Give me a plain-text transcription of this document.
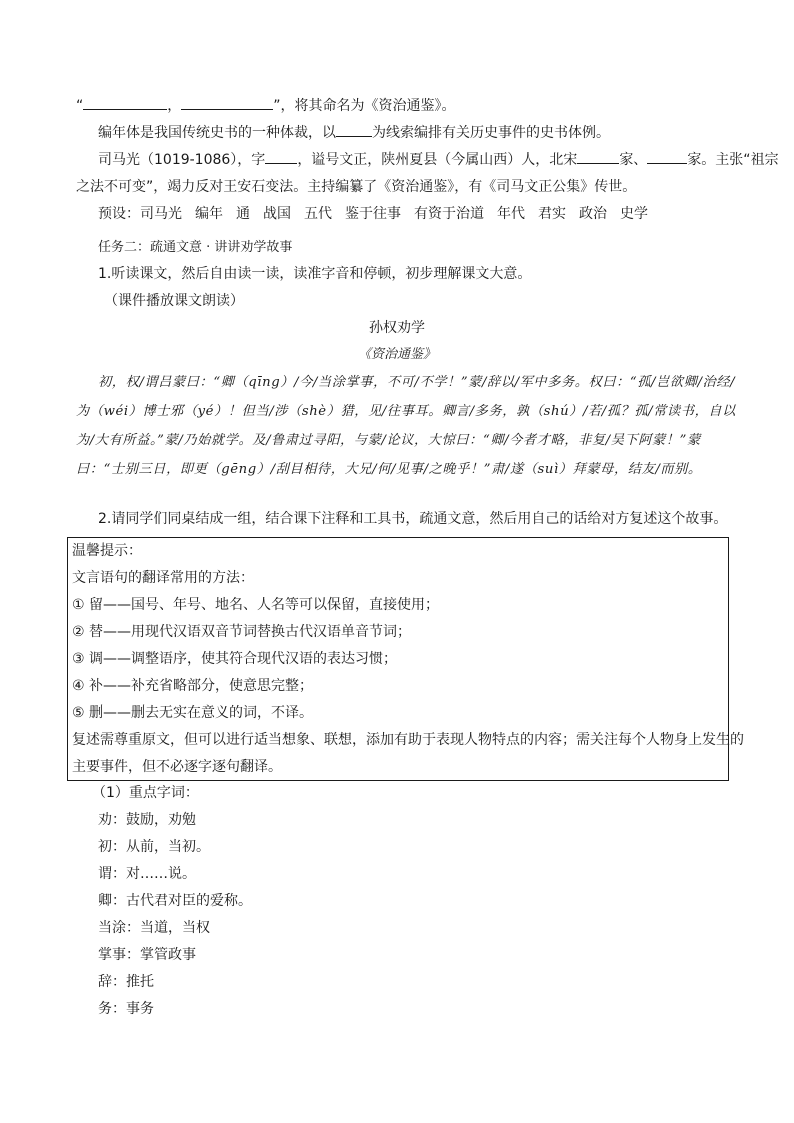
“	，	”，将其命名为《资治通鉴》。
编年体是我国传统史书的一种体裁，以	为线索编排有关历史事件的史书体例。
司马光（1019-1086），字 ，谥号文正，陕州夏县（今属山西）人，北宋	家、	家。主张“祖宗
之法不可变”，竭力反对王安石变法。主持编纂了《资治通鉴》，有《司马文正公集》传世。
预设：司马光 编年 通 战国 五代 鉴于往事 有资于治道 年代 君实 政治 史学
任务二：疏通文意 · 讲讲劝学故事
1.听读课文，然后自由读一读，读准字音和停顿，初步理解课文大意。
（课件播放课文朗读）
孙权劝学
《资治通鉴》
初，权/谓吕蒙曰：“卿（qīng）/今/当涂掌事，不可/不学！”蒙/辞以/军中多务。权曰：“孤/岂欲卿/治经/为（wéi）博士邪（yé）！但当/涉（shè）猎，见/往事耳。卿言/多务，孰（shú）/若/孤？孤/常读书，自以为/大有所益。”蒙/乃始就学。及/鲁肃过寻阳，与蒙/论议，大惊曰：“卿/今者才略，非复/吴下阿蒙！”蒙曰：“士别三日，即更（gēng）/刮目相待，大兄/何/见事/之晚乎！”肃/遂（suì）拜蒙母，结友/而别。
2.请同学们同桌结成一组，结合课下注释和工具书，疏通文意，然后用自己的话给对方复述这个故事。
温馨提示：
文言语句的翻译常用的方法：
① 留——国号、年号、地名、人名等可以保留，直接使用；
② 替——用现代汉语双音节词替换古代汉语单音节词；
③ 调——调整语序，使其符合现代汉语的表达习惯；
④ 补——补充省略部分，使意思完整；
⑤ 删——删去无实在意义的词，不译。
复述需尊重原文，但可以进行适当想象、联想，添加有助于表现人物特点的内容；需关注每个人物身上发生的
主要事件，但不必逐字逐句翻译。
（1）重点字词：
劝：鼓励，劝勉
初：从前，当初。
谓：对……说。
卿：古代君对臣的爱称。
当涂：当道，当权
掌事：掌管政事
辞：推托
务：事务
